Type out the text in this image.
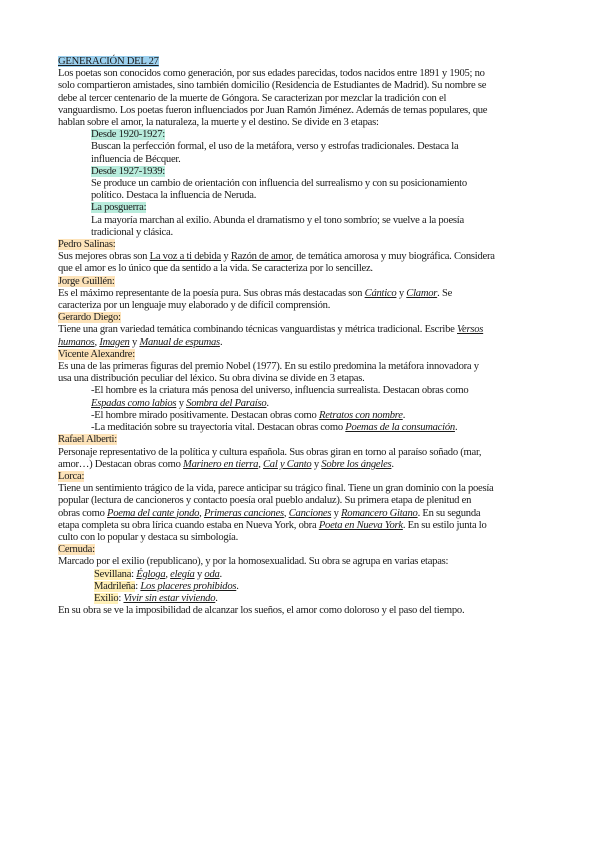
GENERACIÓN DEL 27

Los poetas son conocidos como generación, por sus edades parecidas, todos nacidos entre 1891 y 1905; no
solo compartieron amistades, sino también domicilio (Residencia de Estudiantes de Madrid). Su nombre se
debe al tercer centenario de la muerte de Góngora. Se caracterizan por mezclar la tradición con el
vanguardismo. Los poetas fueron influenciados por Juan Ramón Jiménez. Además de temas populares, que
hablan sobre el amor, la naturaleza, la muerte y el destino. Se divide en 3 etapas:

Desde 1920-1927:

Buscan la perfección formal, el uso de la metáfora, verso y estrofas tradicionales. Destaca la
influencia de Bécquer.

Desde 1927-1939:

Se produce un cambio de orientación con influencia del surrealismo y con su posicionamiento
político. Destaca la influencia de Neruda.

La posguerra:

La mayoría marchan al exilio. Abunda el dramatismo y el tono sombrío; se vuelve a la poesía
tradicional y clásica.

Pedro Salinas:

Sus mejores obras son La voz a ti debida y Razón de amor, de temática amorosa y muy biográfica. Considera
que el amor es lo único que da sentido a la vida. Se caracteriza por lo sencillez.

Jorge Guillén:

Es el máximo representante de la poesía pura. Sus obras más destacadas son Cántico y Clamor. Se
caracteriza por un lenguaje muy elaborado y de difícil comprensión.

Gerardo Diego:

Tiene una gran variedad temática combinando técnicas vanguardistas y métrica tradicional. Escribe Versos
humanos, Imagen y Manual de espumas.

Vicente Alexandre:

Es una de las primeras figuras del premio Nobel (1977). En su estilo predomina la metáfora innovadora y
usa una distribución peculiar del léxico. Su obra divina se divide en 3 etapas.

-El hombre es la criatura más penosa del universo, influencia surrealista. Destacan obras como
Espadas como labios y Sombra del Paraíso.
-El hombre mirado positivamente. Destacan obras como Retratos con nombre.
-La meditación sobre su trayectoria vital. Destacan obras como Poemas de la consumación.

Rafael Alberti:

Personaje representativo de la política y cultura española. Sus obras giran en torno al paraíso soñado (mar,
amor…) Destacan obras como Marinero en tierra, Cal y Canto y Sobre los ángeles.

Lorca:

Tiene un sentimiento trágico de la vida, parece anticipar su trágico final. Tiene un gran dominio con la poesía
popular (lectura de cancioneros y contacto poesía oral pueblo andaluz). Su primera etapa de plenitud en
obras como Poema del cante jondo, Primeras canciones, Canciones y Romancero Gitano. En su segunda
etapa completa su obra lírica cuando estaba en Nueva York, obra Poeta en Nueva York. En su estilo junta lo
culto con lo popular y destaca su simbología.

Cernuda:

Marcado por el exilio (republicano), y por la homosexualidad. Su obra se agrupa en varias etapas:

Sevillana: Églogа, elegía y oda.
Madrileña: Los placeres prohibidos.
Exilio: Vivir sin estar viviendo.

En su obra se ve la imposibilidad de alcanzar los sueños, el amor como doloroso y el paso del tiempo.
